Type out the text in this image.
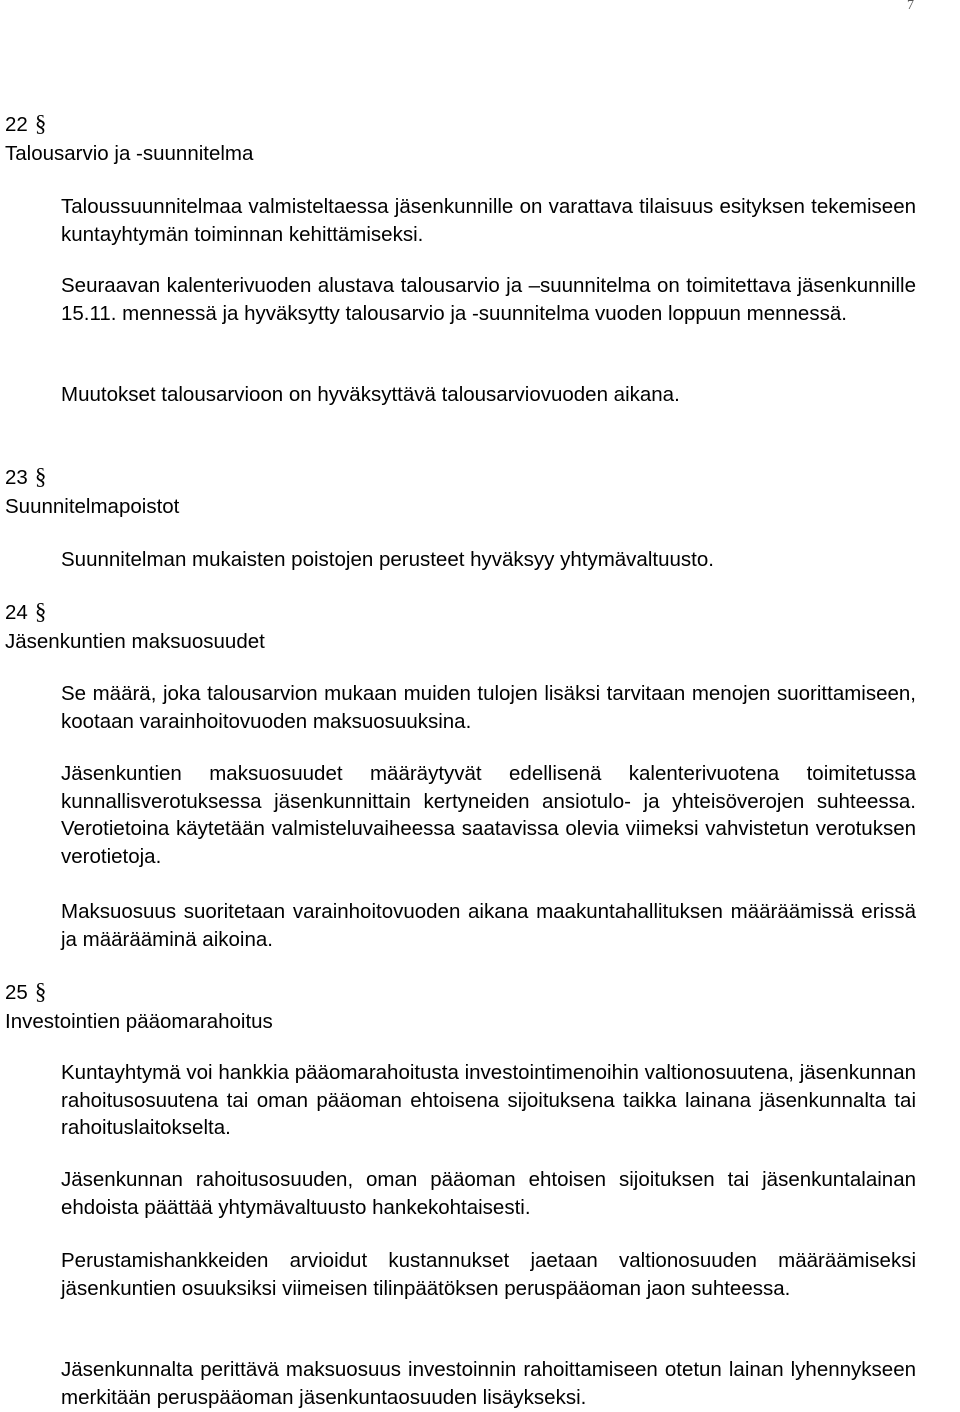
7
22 §
Talousarvio ja -suunnitelma

Taloussuunnitelmaa valmisteltaessa jäsenkunnille on varattava tilaisuus esityksen tekemiseen kuntayhtymän toiminnan kehittämiseksi.

Seuraavan kalenterivuoden alustava talousarvio ja –suunnitelma on toimitettava jäsenkunnille 15.11. mennessä ja hyväksytty talousarvio ja -suunnitelma vuoden loppuun mennessä.

Muutokset talousarvioon on hyväksyttävä talousarviovuoden aikana.

23 §
Suunnitelmapoistot

Suunnitelman mukaisten poistojen perusteet hyväksyy yhtymävaltuusto.

24 §
Jäsenkuntien maksuosuudet

Se määrä, joka talousarvion mukaan muiden tulojen lisäksi tarvitaan menojen suorittamiseen, kootaan varainhoitovuoden maksuosuuksina.

Jäsenkuntien maksuosuudet määräytyvät edellisenä kalenterivuotena toimitetussa kunnallisverotuksessa jäsenkunnittain kertyneiden ansiotulo- ja yhteisöverojen suhteessa. Verotietoina käytetään valmisteluvaiheessa saatavissa olevia viimeksi vahvistetun verotuksen verotietoja.

Maksuosuus suoritetaan varainhoitovuoden aikana maakuntahallituksen määräämissä erissä ja määrääminä aikoina.

25 §
Investointien pääomarahoitus

Kuntayhtymä voi hankkia pääomarahoitusta investointimenoihin valtionosuutena, jäsenkunnan rahoitusosuutena tai oman pääoman ehtoisena sijoituksena taikka lainana jäsenkunnalta tai rahoituslaitokselta.

Jäsenkunnan rahoitusosuuden, oman pääoman ehtoisen sijoituksen tai jäsenkuntalainan ehdoista päättää yhtymävaltuusto hankekohtaisesti.

Perustamishankkeiden arvioidut kustannukset jaetaan valtionosuuden määräämiseksi jäsenkuntien osuuksiksi viimeisen tilinpäätöksen peruspääoman jaon suhteessa.

Jäsenkunnalta perittävä maksuosuus investoinnin rahoittamiseen otetun lainan lyhennykseen merkitään peruspääoman jäsenkuntaosuuden lisäykseksi.
